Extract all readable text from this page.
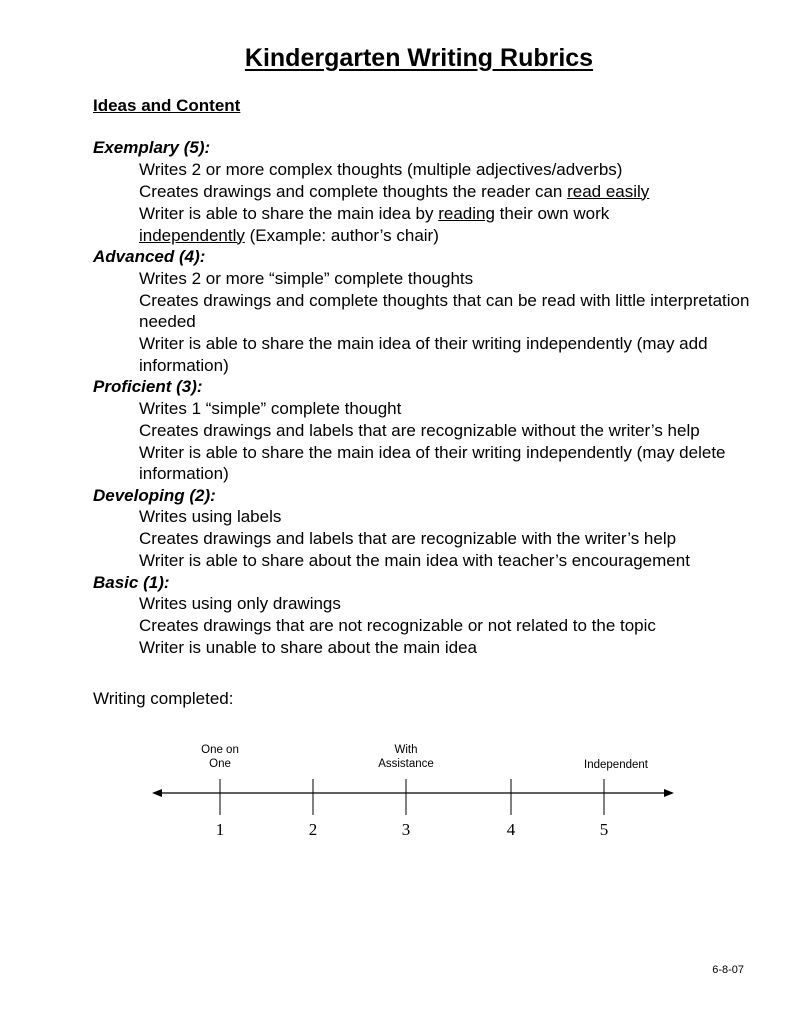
Kindergarten Writing Rubrics
Ideas and Content

Exemplary (5):

Writes 2 or more complex thoughts (multiple adjectives/adverbs)

Creates drawings and complete thoughts the reader can read easily

Writer is able to share the main idea by reading their own work

independently (Example: author’s chair)

Advanced (4):

Writes 2 or more “simple” complete thoughts

Creates drawings and complete thoughts that can be read with little interpretation needed

Writer is able to share the main idea of their writing independently (may add information)

Proficient (3):

Writes 1 “simple” complete thought

Creates drawings and labels that are recognizable without the writer’s help

Writer is able to share the main idea of their writing independently (may delete information)

Developing (2):

Writes using labels

Creates drawings and labels that are recognizable with the writer’s help

Writer is able to share about the main idea with teacher’s encouragement

Basic (1):

Writes using only drawings

Creates drawings that are not recognizable or not related to the topic

Writer is unable to share about the main idea

Writing completed:

1	2	3	4	5
One on
One
With
Assistance	Independent

6-8-07
